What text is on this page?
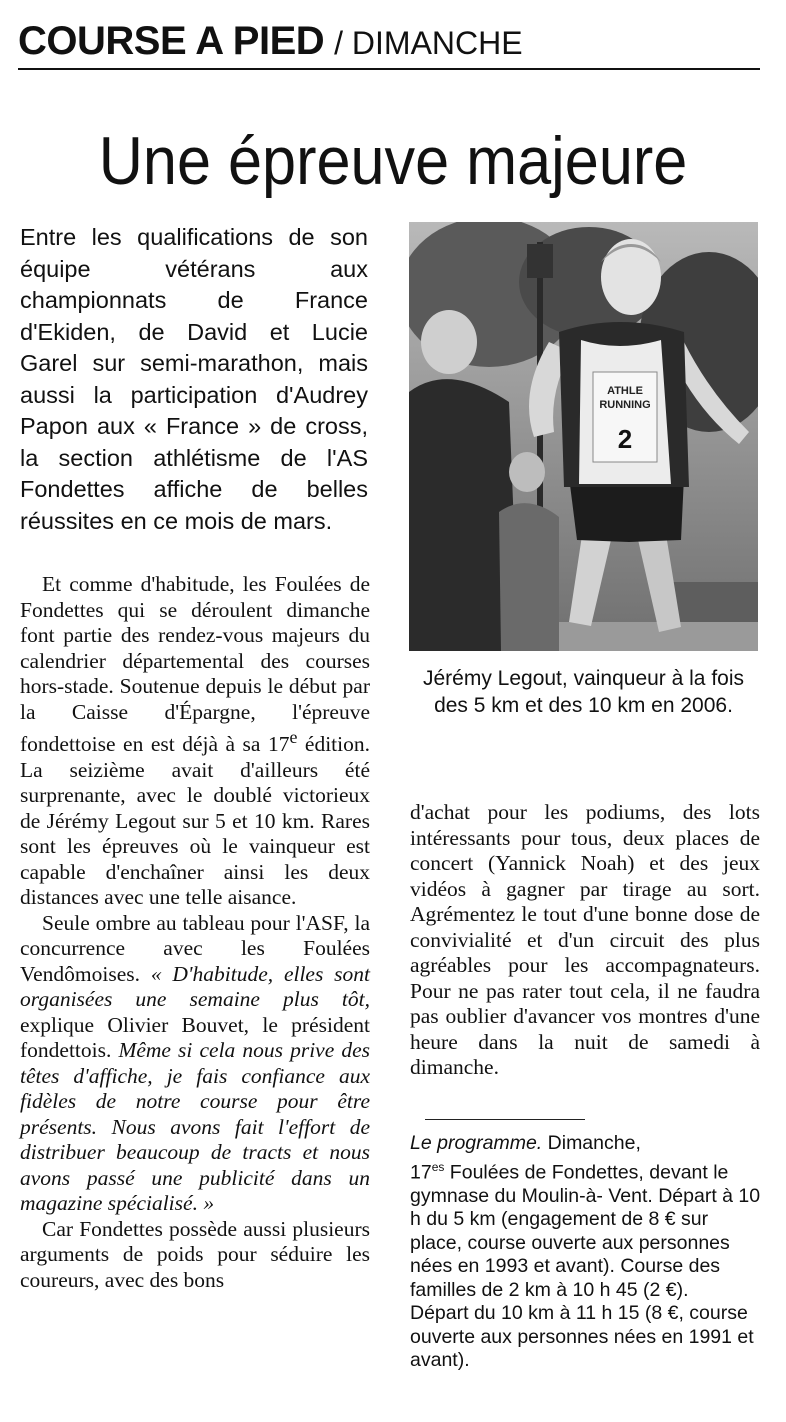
COURSE A PIED / DIMANCHE
Une épreuve majeure

Entre les qualifications de son équipe vétérans aux championnats de France d'Ekiden, de David et Lucie Garel sur semi-marathon, mais aussi la participation d'Audrey Papon aux « France » de cross, la section athlétisme de l'AS Fondettes affiche de belles réussites en ce mois de mars.

ATHLE
RUNNING
2

Jérémy Legout, vainqueur à la fois des 5 km et des 10 km en 2006.

Et comme d'habitude, les Foulées de Fondettes qui se déroulent dimanche font partie des rendez-vous majeurs du calendrier départemental des courses hors-stade. Soutenue depuis le début par la Caisse d'Épargne, l'épreuve fondettoise en est déjà à sa 17e édition. La seizième avait d'ailleurs été surprenante, avec le doublé victorieux de Jérémy Legout sur 5 et 10 km. Rares sont les épreuves où le vainqueur est capable d'enchaîner ainsi les deux distances avec une telle aisance.

Seule ombre au tableau pour l'ASF, la concurrence avec les Foulées Vendômoises. « D'habitude, elles sont organisées une semaine plus tôt, explique Olivier Bouvet, le président fondettois. Même si cela nous prive des têtes d'affiche, je fais confiance aux fidèles de notre course pour être présents. Nous avons fait l'effort de distribuer beaucoup de tracts et nous avons passé une publicité dans un magazine spécialisé. »

Car Fondettes possède aussi plusieurs arguments de poids pour séduire les coureurs, avec des bons

d'achat pour les podiums, des lots intéressants pour tous, deux places de concert (Yannick Noah) et des jeux vidéos à gagner par tirage au sort. Agrémentez le tout d'une bonne dose de convivialité et d'un circuit des plus agréables pour les accompagnateurs. Pour ne pas rater tout cela, il ne faudra pas oublier d'avancer vos montres d'une heure dans la nuit de samedi à dimanche.

Le programme. Dimanche,
$17^{es}$ Foulées de Fondettes, devant le gymnase du Moulin-à- Vent. Départ à 10 h du 5 km (engagement de 8 € sur place, course ouverte aux personnes nées en 1993 et avant). Course des familles de 2 km à 10 h 45 (2 €).
Départ du 10 km à 11 h 15 (8 €, course ouverte aux personnes nées en 1991 et avant).
